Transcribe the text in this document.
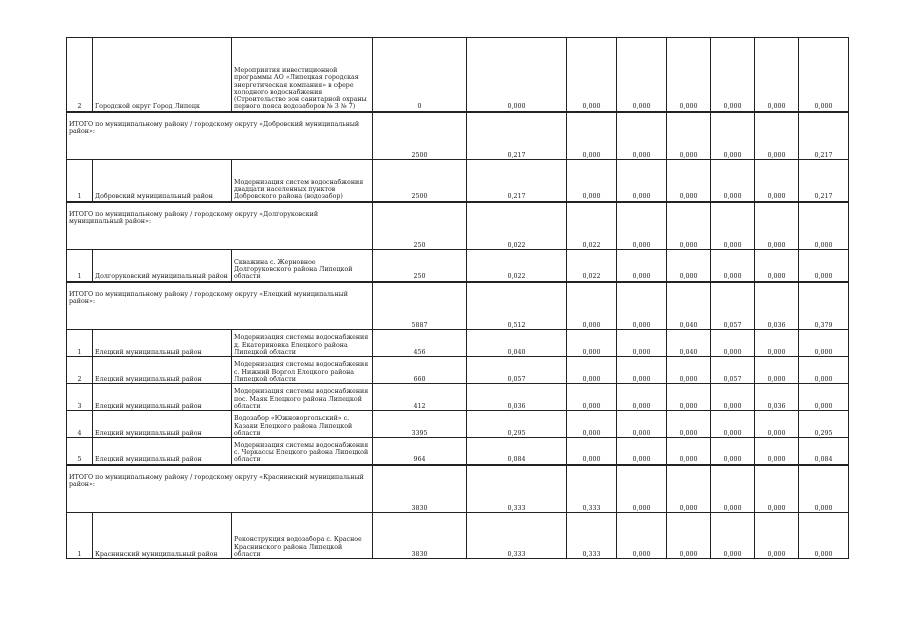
2	Городской округ Город Липецк	Мероприятия инвестиционной программы АО «Липецкая городская энергетическая компания» в сфере холодного водоснабжения (Строительство зон санитарной охраны первого пояса водозаборов № 3 № 7)	0	0,000	0,000	0,000	0,000	0,000	0,000	0,000
ИТОГО по муниципальному району / городскому округу «Добровский муниципальный район»:			2500	0,217	0,000	0,000	0,000	0,000	0,000	0,217
1	Добровский муниципальный район	Модернизация систем водоснабжения двадцати населенных пунктов Добровского района (водозабор)	2500	0,217	0,000	0,000	0,000	0,000	0,000	0,217
ИТОГО по муниципальному району / городскому округу «Долгоруковский муниципальный район»:			250	0,022	0,022	0,000	0,000	0,000	0,000	0,000
1	Долгоруковский муниципальный район	Скважина с. Жерновное Долгоруковского района Липецкой области	250	0,022	0,022	0,000	0,000	0,000	0,000	0,000
ИТОГО по муниципальному району / городскому округу «Елецкий муниципальный район»:			5887	0,512	0,000	0,000	0,040	0,057	0,036	0,379
1	Елецкий муниципальный район	Модернизация системы водоснабжения д. Екатериновка Елецкого района Липецкой области	456	0,040	0,000	0,000	0,040	0,000	0,000	0,000
2	Елецкий муниципальный район	Модернизация системы водоснабжения с. Нижний Воргол Елецкого района Липецкой области	660	0,057	0,000	0,000	0,000	0,057	0,000	0,000
3	Елецкий муниципальный район	Модернизация системы водоснабжения пос. Маяк Елецкого района Липецкой области	412	0,036	0,000	0,000	0,000	0,000	0,036	0,000
4	Елецкий муниципальный район	Водозабор «Южноворгольский» с. Казаки Елецкого района Липецкой области	3395	0,295	0,000	0,000	0,000	0,000	0,000	0,295
5	Елецкий муниципальный район	Модернизация системы водоснабжения с. Черкассы Елецкого района Липецкой области	964	0,084	0,000	0,000	0,000	0,000	0,000	0,084
ИТОГО по муниципальному району / городскому округу «Краснинский муниципальный район»:			3830	0,333	0,333	0,000	0,000	0,000	0,000	0,000
1	Краснинский муниципальный район	Реконструкция водозабора с. Красное Краснинского района Липецкой области	3830	0,333	0,333	0,000	0,000	0,000	0,000	0,000
